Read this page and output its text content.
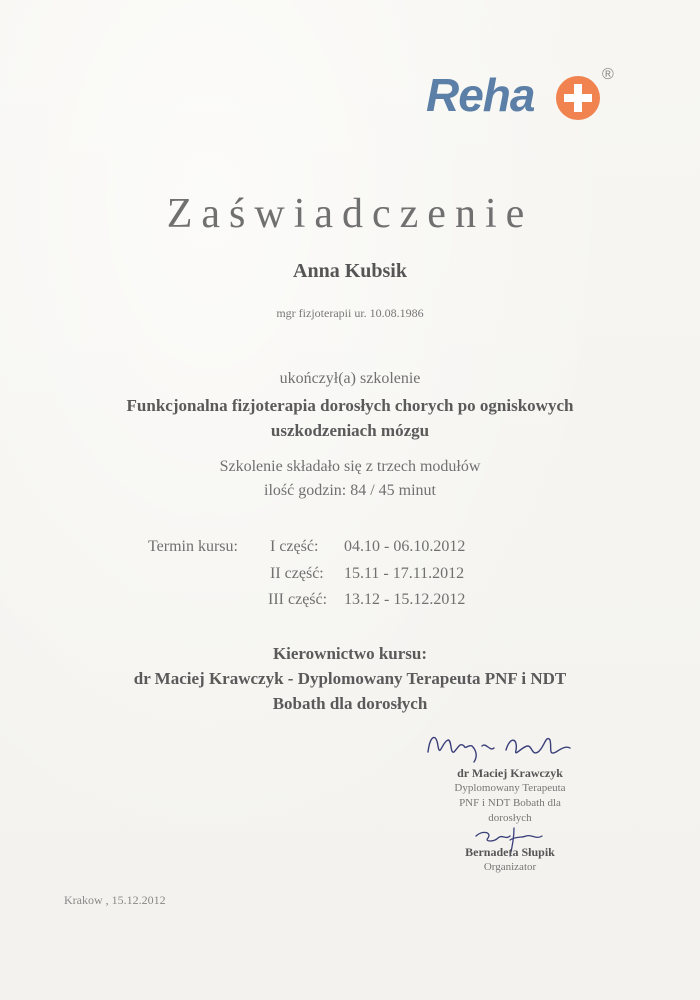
Reha	®
Zaświadczenie
Anna Kubsik
mgr fizjoterapii ur. 10.08.1986
ukończył(a) szkolenie
Funkcjonalna fizjoterapia dorosłych chorych po ogniskowych
uszkodzeniach mózgu
Szkolenie składało się z trzech modułów
ilość godzin: 84 / 45 minut
Termin kursu: I część: 04.10 - 06.10.2012
II część: 15.11 - 17.11.2012
III część: 13.12 - 15.12.2012
Kierownictwo kursu:
dr Maciej Krawczyk - Dyplomowany Terapeuta PNF i NDT
Bobath dla dorosłych
dr Maciej Krawczyk
Dyplomowany Terapeuta
PNF i NDT Bobath dla
dorosłych
Bernadeta Słupik
Organizator
Krakow , 15.12.2012
